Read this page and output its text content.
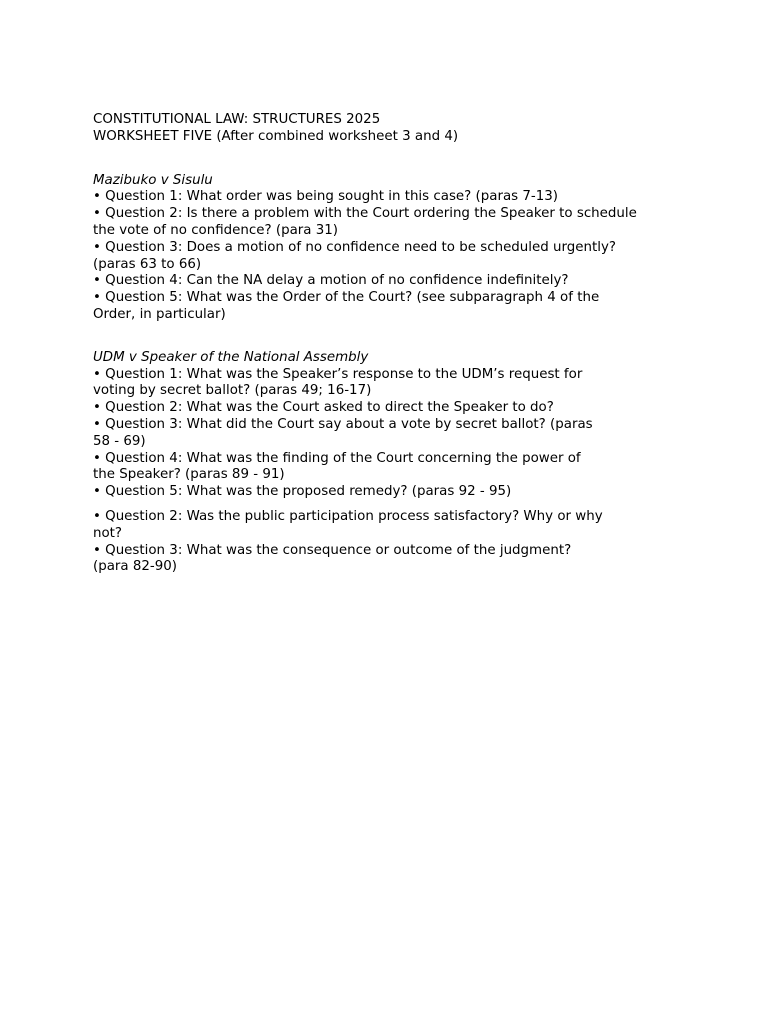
CONSTITUTIONAL LAW: STRUCTURES 2025
WORKSHEET FIVE (After combined worksheet 3 and 4)
Mazibuko v Sisulu

• Question 1: What order was being sought in this case? (paras 7-13)

• Question 2: Is there a problem with the Court ordering the Speaker to schedule
the vote of no confidence? (para 31)

• Question 3: Does a motion of no confidence need to be scheduled urgently?
(paras 63 to 66)

• Question 4: Can the NA delay a motion of no confidence indefinitely?

• Question 5: What was the Order of the Court? (see subparagraph 4 of the
Order, in particular)

UDM v Speaker of the National Assembly

• Question 1: What was the Speaker’s response to the UDM’s request for
voting by secret ballot? (paras 49; 16-17)

• Question 2: What was the Court asked to direct the Speaker to do?

• Question 3: What did the Court say about a vote by secret ballot? (paras
58 - 69)

• Question 4: What was the finding of the Court concerning the power of
the Speaker? (paras 89 - 91)

• Question 5: What was the proposed remedy? (paras 92 - 95)

• Question 2: Was the public participation process satisfactory? Why or why
not?

• Question 3: What was the consequence or outcome of the judgment?
(para 82-90)
